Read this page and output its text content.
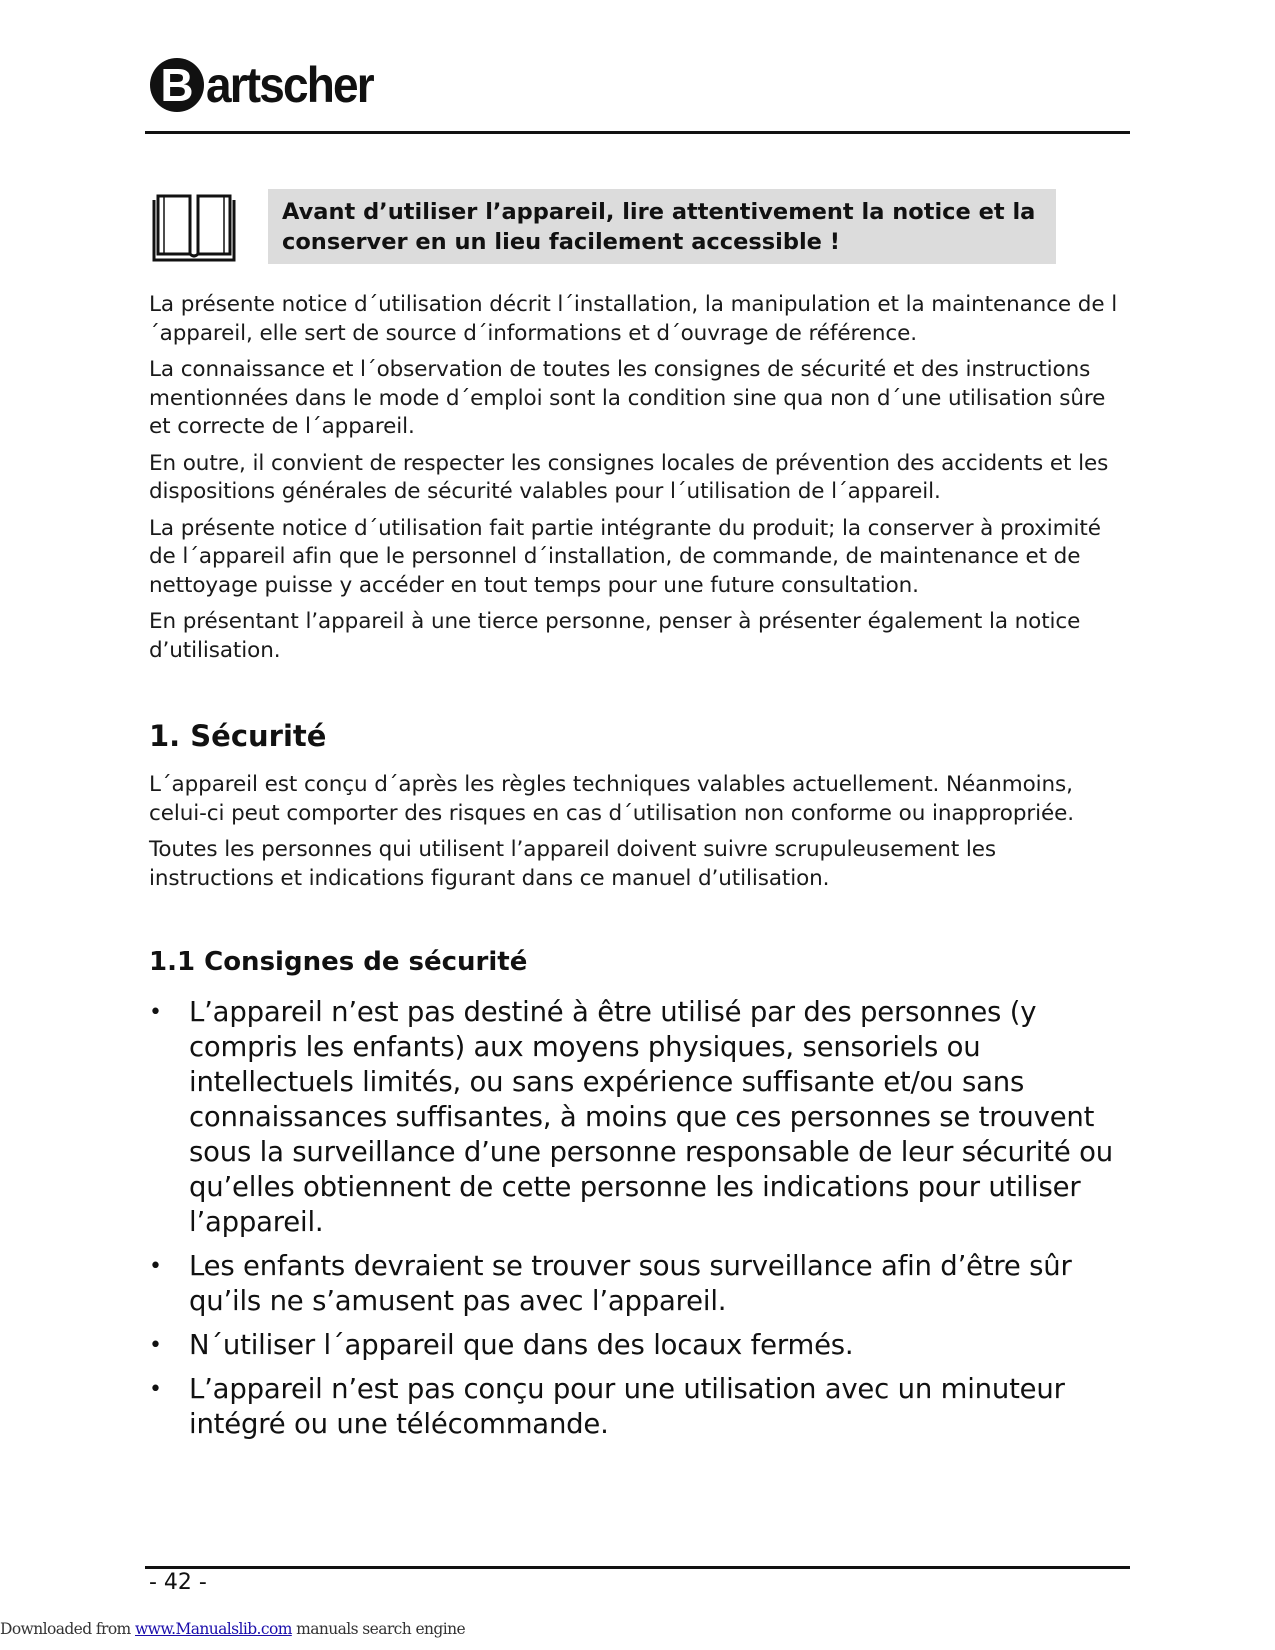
B artscher
Avant d’utiliser l’appareil, lire attentivement la notice et la
conserver en un lieu facilement accessible !

La présente notice d´utilisation décrit l´installation, la manipulation et la maintenance de l´appareil, elle sert de source d´informations et d´ouvrage de référence.

La connaissance et l´observation de toutes les consignes de sécurité et des instructions mentionnées dans le mode d´emploi sont la condition sine qua non d´une utilisation sûre et correcte de l´appareil.

En outre, il convient de respecter les consignes locales de prévention des accidents et les dispositions générales de sécurité valables pour l´utilisation de l´appareil.

La présente notice d´utilisation fait partie intégrante du produit; la conserver à proximité de l´appareil afin que le personnel d´installation, de commande, de maintenance et de nettoyage puisse y accéder en tout temps pour une future consultation.

En présentant l’appareil à une tierce personne, penser à présenter également la notice d’utilisation.

1. Sécurité

L´appareil est conçu d´après les règles techniques valables actuellement. Néanmoins, celui-ci peut comporter des risques en cas d´utilisation non conforme ou inappropriée.

Toutes les personnes qui utilisent l’appareil doivent suivre scrupuleusement les instructions et indications figurant dans ce manuel d’utilisation.

1.1 Consignes de sécurité
• L’appareil n’est pas destiné à être utilisé par des personnes (y compris les enfants) aux moyens physiques, sensoriels ou intellectuels limités, ou sans expérience suffisante et/ou sans connaissances suffisantes, à moins que ces personnes se trouvent sous la surveillance d’une personne responsable de leur sécurité ou qu’elles obtiennent de cette personne les indications pour utiliser l’appareil.
• Les enfants devraient se trouver sous surveillance afin d’être sûr qu’ils ne s’amusent pas avec l’appareil.
• N´utiliser l´appareil que dans des locaux fermés.
• L’appareil n’est pas conçu pour une utilisation avec un minuteur intégré ou une télécommande.
- 42 -
Downloaded from www.Manualslib.com manuals search engine
